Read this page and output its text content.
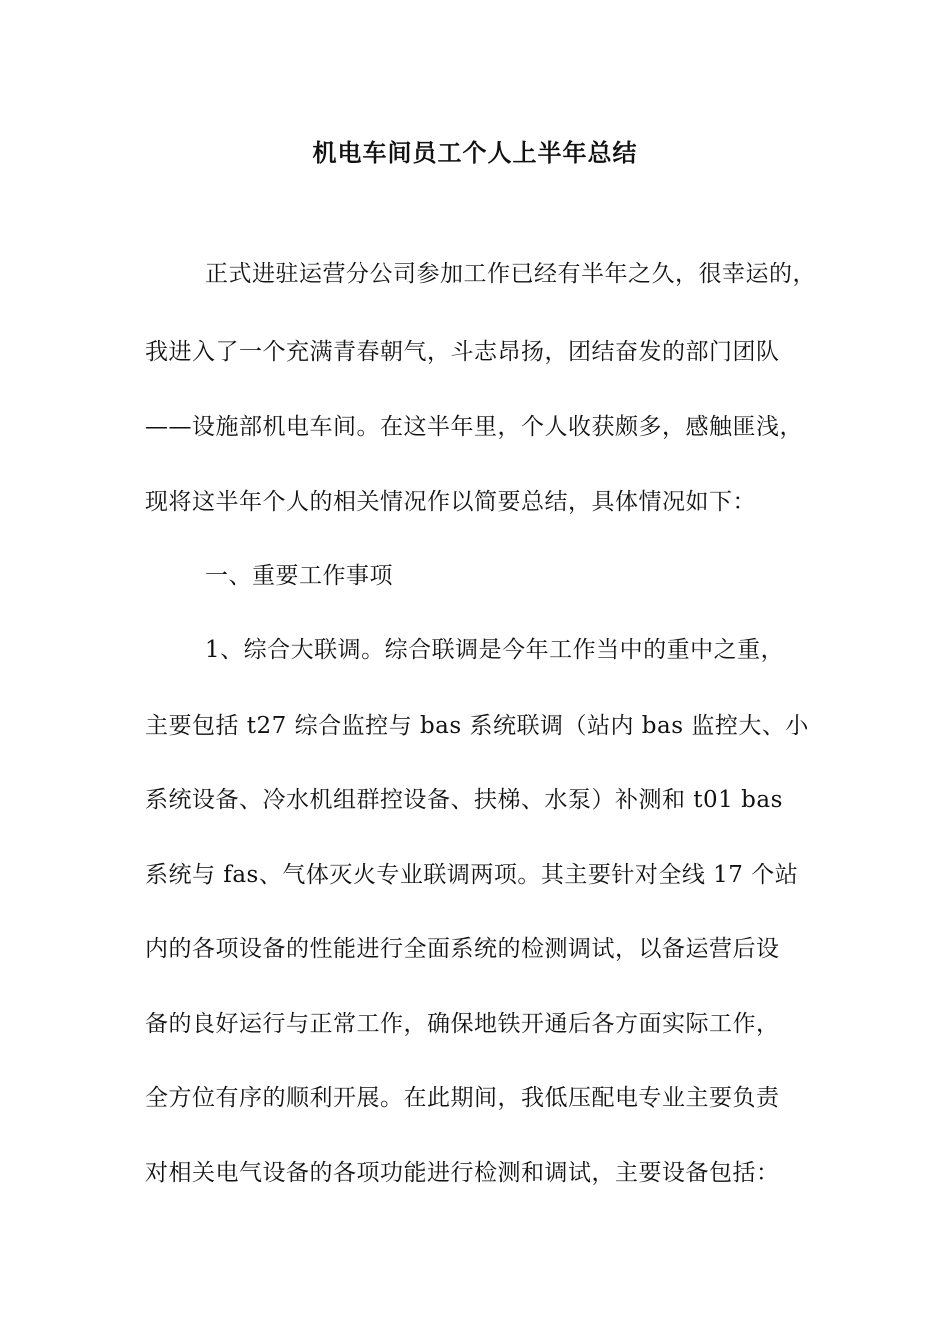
机电车间员工个人上半年总结
正式进驻运营分公司参加工作已经有半年之久，很幸运的，
我进入了一个充满青春朝气，斗志昂扬，团结奋发的部门团队
——设施部机电车间。在这半年里，个人收获颇多，感触匪浅，
现将这半年个人的相关情况作以简要总结，具体情况如下：
一、重要工作事项
1、综合大联调。综合联调是今年工作当中的重中之重，
主要包括 t27 综合监控与 bas 系统联调（站内 bas 监控大、小
系统设备、冷水机组群控设备、扶梯、水泵）补测和 t01 bas
系统与 fas、气体灭火专业联调两项。其主要针对全线 17 个站
内的各项设备的性能进行全面系统的检测调试，以备运营后设
备的良好运行与正常工作，确保地铁开通后各方面实际工作，
全方位有序的顺利开展。在此期间，我低压配电专业主要负责
对相关电气设备的各项功能进行检测和调试，主要设备包括：
